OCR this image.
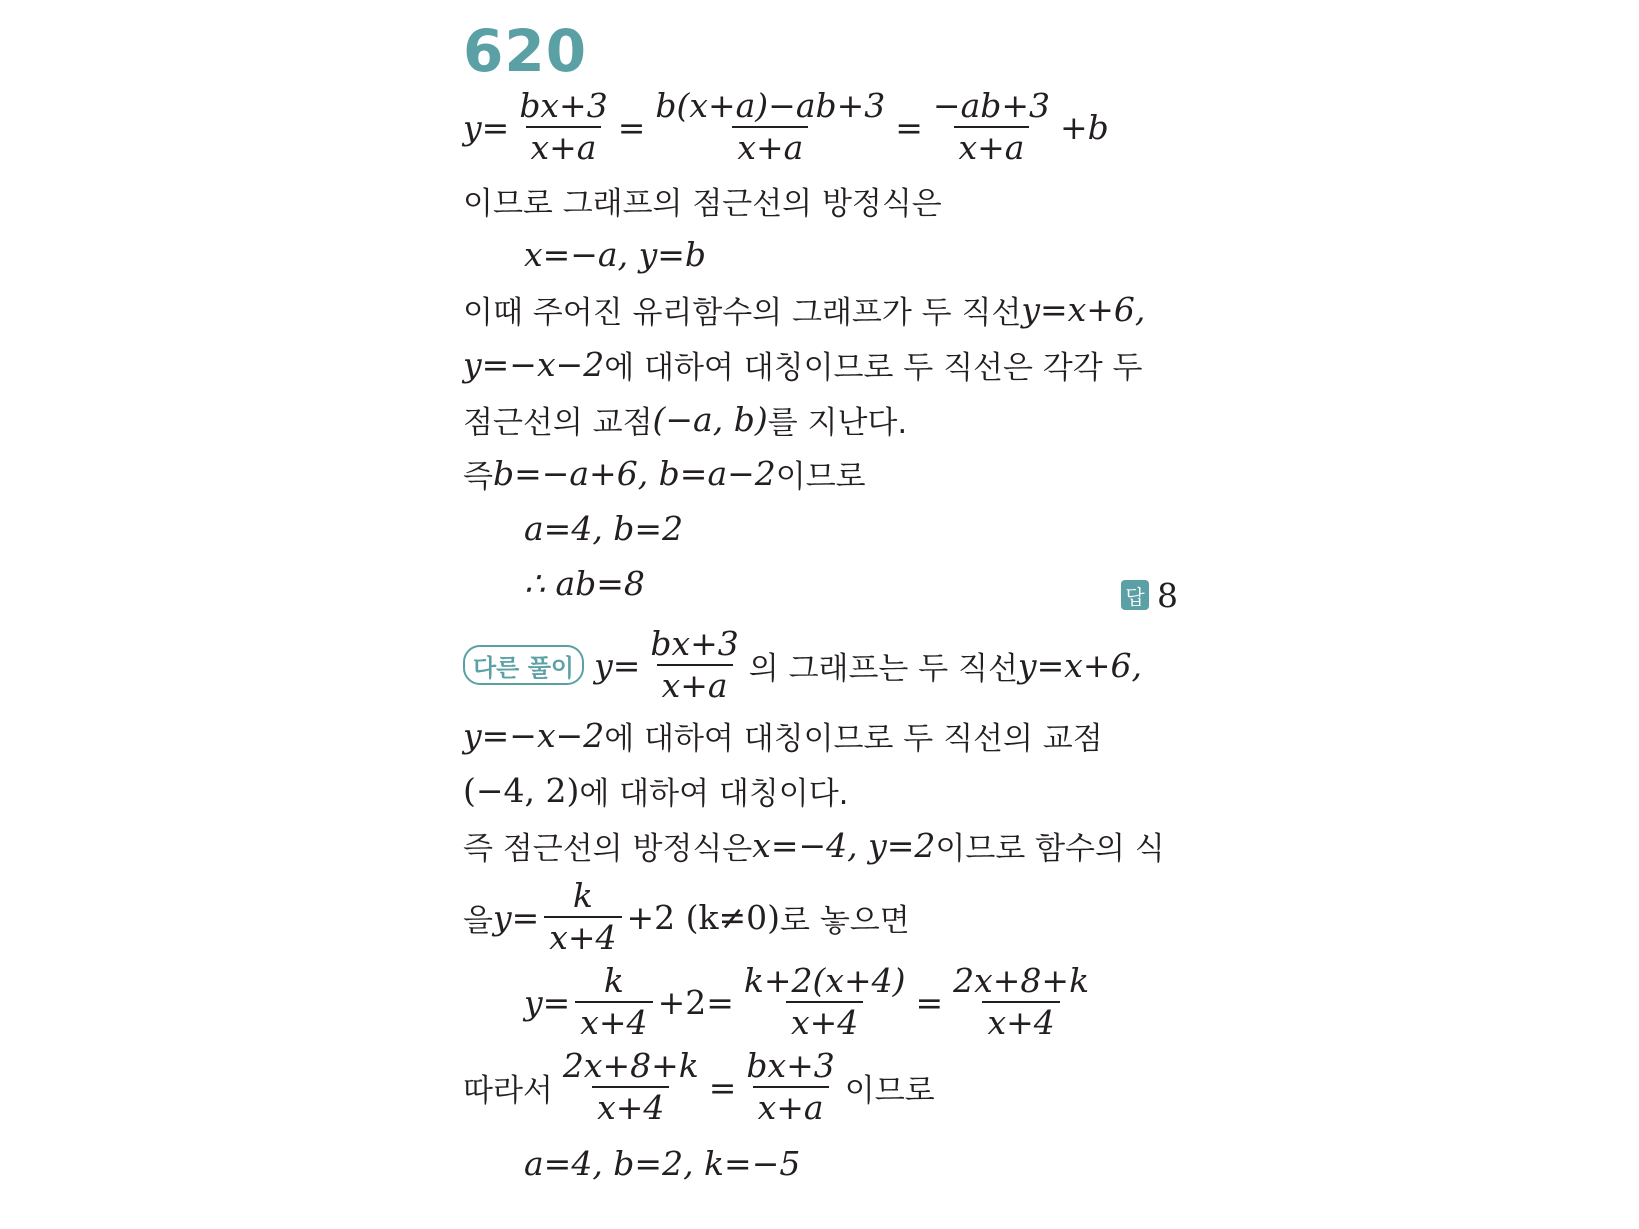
620
$y = \frac{bx+3}{x+a} = \frac{b(x+a)-ab+3}{x+a} = \frac{-ab+3}{x+a} +b$
이므로 그래프의 점근선의 방정식은
x=−a, y=b
이때 주어진 유리함수의 그래프가 두 직선 y=x+6,
y=−x−2 에 대하여 대칭이므로 두 직선은 각각 두
점근선의 교점 (−a, b) 를 지난다.
즉 b=−a+6, b=a−2 이므로
a=4, b=2
∴ ab=8	답 8
다른 풀이 $y= \frac{bx+3}{x+a}$ 의 그래프는 두 직선 y=x+6,
y=−x−2 에 대하여 대칭이므로 두 직선의 교점
(−4, 2) 에 대하여 대칭이다.
즉 점근선의 방정식은 x=−4, y=2 이므로 함수의 식
을 $y= \frac{k}{x+4} +2$ (k≠0) 로 놓으면
$y= \frac{k}{x+4} +2= \frac{k+2(x+4)}{x+4} = \frac{2x+8+k}{x+4}$
따라서 $\frac{2x+8+k}{x+4} = \frac{bx+3}{x+a}$ 이므로
a=4, b=2, k=−5
